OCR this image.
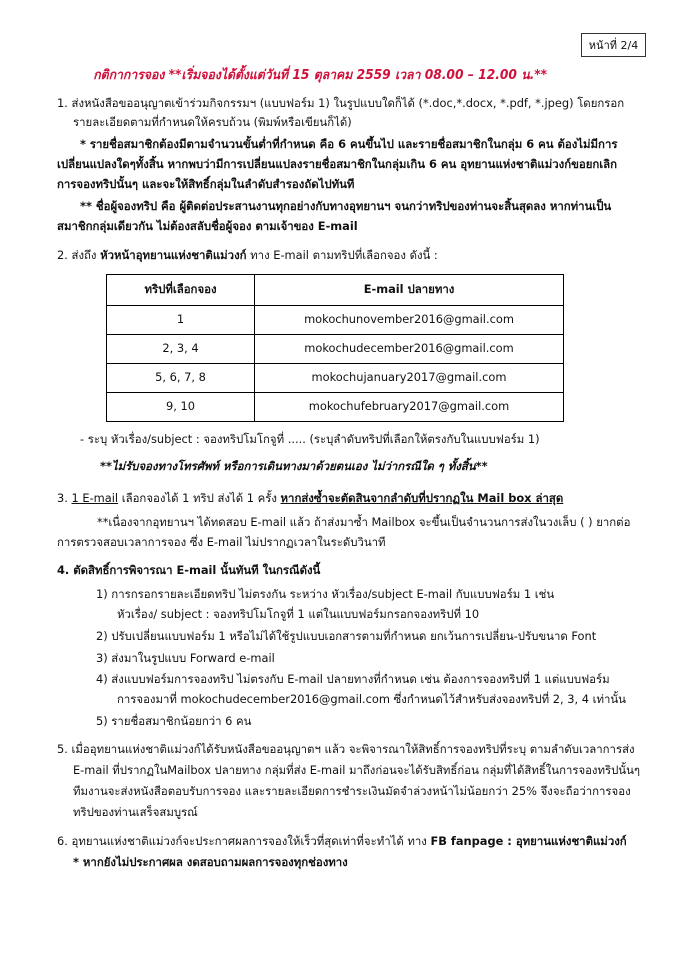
หน้าที่ 2/4
กติกาการจอง **เริ่มจองได้ตั้งแต่วันที่ 15 ตุลาคม 2559 เวลา 08.00 – 12.00 น.**
1. ส่งหนังสือขออนุญาตเข้าร่วมกิจกรรมฯ (แบบฟอร์ม 1) ในรูปแบบใดก็ได้ (*.doc,*.docx, *.pdf, *.jpeg) โดยกรอก
รายละเอียดตามที่กำหนดให้ครบถ้วน (พิมพ์หรือเขียนก็ได้)
* รายชื่อสมาชิกต้องมีตามจำนวนขั้นต่ำที่กำหนด คือ 6 คนขึ้นไป และรายชื่อสมาชิกในกลุ่ม 6 คน ต้องไม่มีการ
เปลี่ยนแปลงใดๆทั้งสิ้น หากพบว่ามีการเปลี่ยนแปลงรายชื่อสมาชิกในกลุ่มเกิน 6 คน อุทยานแห่งชาติแม่วงก์ขอยกเลิก
การจองทริปนั้นๆ และจะให้สิทธิ์กลุ่มในลำดับสำรองถัดไปทันที
** ชื่อผู้จองทริป คือ ผู้ติดต่อประสานงานทุกอย่างกับทางอุทยานฯ จนกว่าทริปของท่านจะสิ้นสุดลง หากท่านเป็น
สมาชิกกลุ่มเดียวกัน ไม่ต้องสลับชื่อผู้จอง ตามเจ้าของ E-mail
2. ส่งถึง หัวหน้าอุทยานแห่งชาติแม่วงก์ ทาง E-mail ตามทริปที่เลือกจอง ดังนี้ :
ทริปที่เลือกจอง	E-mail ปลายทาง
1	mokochunovember2016@gmail.com
2, 3, 4	mokochudecember2016@gmail.com
5, 6, 7, 8	mokochujanuary2017@gmail.com
9, 10	mokochufebruary2017@gmail.com
- ระบุ หัวเรื่อง/subject : จองทริปโมโกจูที่ ..... (ระบุลำดับทริปที่เลือกให้ตรงกับในแบบฟอร์ม 1)
**ไม่รับจองทางโทรศัพท์ หรือการเดินทางมาด้วยตนเอง ไม่ว่ากรณีใด ๆ ทั้งสิ้น**
3. 1 E-mail เลือกจองได้ 1 ทริป ส่งได้ 1 ครั้ง หากส่งซ้ำจะตัดสินจากลำดับที่ปรากฏใน Mail box ล่าสุด
**เนื่องจากอุทยานฯ ได้ทดสอบ E-mail แล้ว ถ้าส่งมาซ้ำ Mailbox จะขึ้นเป็นจำนวนการส่งในวงเล็บ ( ) ยากต่อ
การตรวจสอบเวลาการจอง ซึ่ง E-mail ไม่ปรากฏเวลาในระดับวินาที
4. ตัดสิทธิ์การพิจารณา E-mail นั้นทันที ในกรณีดังนี้
1) การกรอกรายละเอียดทริป ไม่ตรงกัน ระหว่าง หัวเรื่อง/subject E-mail กับแบบฟอร์ม 1 เช่น
หัวเรื่อง/ subject : จองทริปโมโกจูที่ 1 แต่ในแบบฟอร์มกรอกจองทริปที่ 10
2) ปรับเปลี่ยนแบบฟอร์ม 1 หรือไม่ได้ใช้รูปแบบเอกสารตามที่กำหนด ยกเว้นการเปลี่ยน-ปรับขนาด Font
3) ส่งมาในรูปแบบ Forward e-mail
4) ส่งแบบฟอร์มการจองทริป ไม่ตรงกับ E-mail ปลายทางที่กำหนด เช่น ต้องการจองทริปที่ 1 แต่แบบฟอร์ม
การจองมาที่ mokochudecember2016@gmail.com ซึ่งกำหนดไว้สำหรับส่งจองทริปที่ 2, 3, 4 เท่านั้น
5) รายชื่อสมาชิกน้อยกว่า 6 คน
5. เมื่ออุทยานแห่งชาติแม่วงก์ได้รับหนังสือขออนุญาตฯ แล้ว จะพิจารณาให้สิทธิ์การจองทริปที่ระบุ ตามลำดับเวลาการส่ง
E-mail ที่ปรากฏในMailbox ปลายทาง กลุ่มที่ส่ง E-mail มาถึงก่อนจะได้รับสิทธิ์ก่อน กลุ่มที่ได้สิทธิ์ในการจองทริปนั้นๆ
ทีมงานจะส่งหนังสือตอบรับการจอง และรายละเอียดการชำระเงินมัดจำล่วงหน้าไม่น้อยกว่า 25% จึงจะถือว่าการจอง
ทริปของท่านเสร็จสมบูรณ์
6. อุทยานแห่งชาติแม่วงก์จะประกาศผลการจองให้เร็วที่สุดเท่าที่จะทำได้ ทาง FB fanpage : อุทยานแห่งชาติแม่วงก์
* หากยังไม่ประกาศผล งดสอบถามผลการจองทุกช่องทาง
